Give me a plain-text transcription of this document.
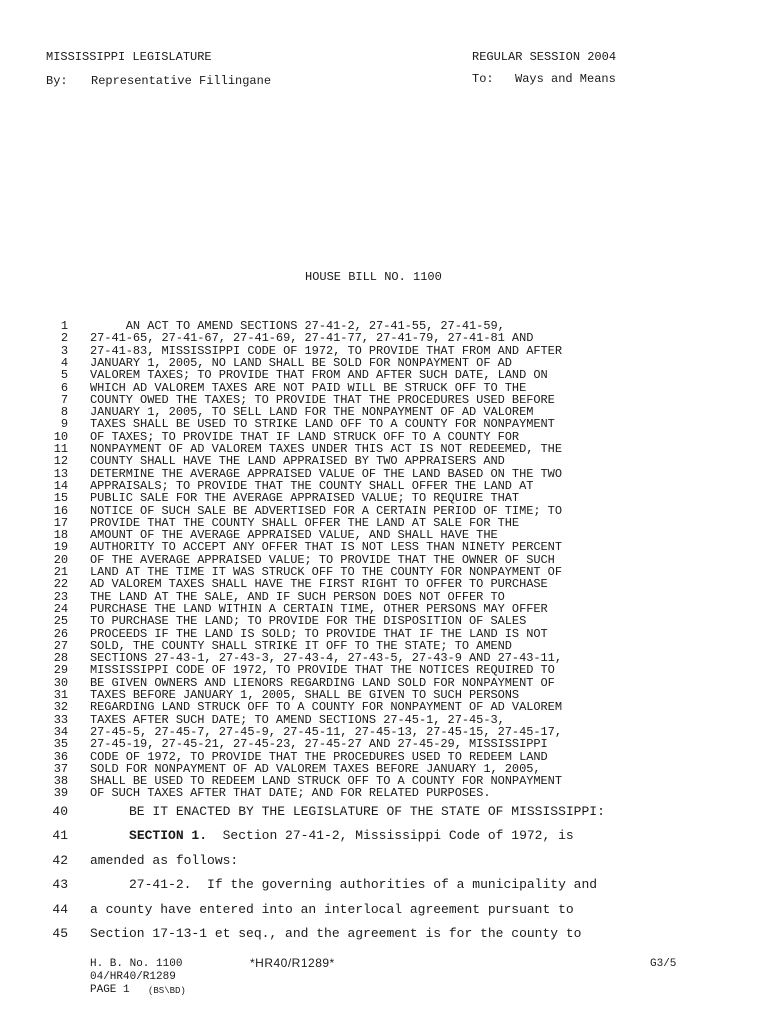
MISSISSIPPI LEGISLATURE	REGULAR SESSION 2004
By: Representative Fillingane	To: Ways and Means
HOUSE BILL NO. 1100
1 AN ACT TO AMEND SECTIONS 27-41-2, 27-41-55, 27-41-59,
2 27-41-65, 27-41-67, 27-41-69, 27-41-77, 27-41-79, 27-41-81 AND
3 27-41-83, MISSISSIPPI CODE OF 1972, TO PROVIDE THAT FROM AND AFTER
4 JANUARY 1, 2005, NO LAND SHALL BE SOLD FOR NONPAYMENT OF AD
5 VALOREM TAXES; TO PROVIDE THAT FROM AND AFTER SUCH DATE, LAND ON
6 WHICH AD VALOREM TAXES ARE NOT PAID WILL BE STRUCK OFF TO THE
7 COUNTY OWED THE TAXES; TO PROVIDE THAT THE PROCEDURES USED BEFORE
8 JANUARY 1, 2005, TO SELL LAND FOR THE NONPAYMENT OF AD VALOREM
9 TAXES SHALL BE USED TO STRIKE LAND OFF TO A COUNTY FOR NONPAYMENT
10 OF TAXES; TO PROVIDE THAT IF LAND STRUCK OFF TO A COUNTY FOR
11 NONPAYMENT OF AD VALOREM TAXES UNDER THIS ACT IS NOT REDEEMED, THE
12 COUNTY SHALL HAVE THE LAND APPRAISED BY TWO APPRAISERS AND
13 DETERMINE THE AVERAGE APPRAISED VALUE OF THE LAND BASED ON THE TWO
14 APPRAISALS; TO PROVIDE THAT THE COUNTY SHALL OFFER THE LAND AT
15 PUBLIC SALE FOR THE AVERAGE APPRAISED VALUE; TO REQUIRE THAT
16 NOTICE OF SUCH SALE BE ADVERTISED FOR A CERTAIN PERIOD OF TIME; TO
17 PROVIDE THAT THE COUNTY SHALL OFFER THE LAND AT SALE FOR THE
18 AMOUNT OF THE AVERAGE APPRAISED VALUE, AND SHALL HAVE THE
19 AUTHORITY TO ACCEPT ANY OFFER THAT IS NOT LESS THAN NINETY PERCENT
20 OF THE AVERAGE APPRAISED VALUE; TO PROVIDE THAT THE OWNER OF SUCH
21 LAND AT THE TIME IT WAS STRUCK OFF TO THE COUNTY FOR NONPAYMENT OF
22 AD VALOREM TAXES SHALL HAVE THE FIRST RIGHT TO OFFER TO PURCHASE
23 THE LAND AT THE SALE, AND IF SUCH PERSON DOES NOT OFFER TO
24 PURCHASE THE LAND WITHIN A CERTAIN TIME, OTHER PERSONS MAY OFFER
25 TO PURCHASE THE LAND; TO PROVIDE FOR THE DISPOSITION OF SALES
26 PROCEEDS IF THE LAND IS SOLD; TO PROVIDE THAT IF THE LAND IS NOT
27 SOLD, THE COUNTY SHALL STRIKE IT OFF TO THE STATE; TO AMEND
28 SECTIONS 27-43-1, 27-43-3, 27-43-4, 27-43-5, 27-43-9 AND 27-43-11,
29 MISSISSIPPI CODE OF 1972, TO PROVIDE THAT THE NOTICES REQUIRED TO
30 BE GIVEN OWNERS AND LIENORS REGARDING LAND SOLD FOR NONPAYMENT OF
31 TAXES BEFORE JANUARY 1, 2005, SHALL BE GIVEN TO SUCH PERSONS
32 REGARDING LAND STRUCK OFF TO A COUNTY FOR NONPAYMENT OF AD VALOREM
33 TAXES AFTER SUCH DATE; TO AMEND SECTIONS 27-45-1, 27-45-3,
34 27-45-5, 27-45-7, 27-45-9, 27-45-11, 27-45-13, 27-45-15, 27-45-17,
35 27-45-19, 27-45-21, 27-45-23, 27-45-27 AND 27-45-29, MISSISSIPPI
36 CODE OF 1972, TO PROVIDE THAT THE PROCEDURES USED TO REDEEM LAND
37 SOLD FOR NONPAYMENT OF AD VALOREM TAXES BEFORE JANUARY 1, 2005,
38 SHALL BE USED TO REDEEM LAND STRUCK OFF TO A COUNTY FOR NONPAYMENT
39 OF SUCH TAXES AFTER THAT DATE; AND FOR RELATED PURPOSES.
40 BE IT ENACTED BY THE LEGISLATURE OF THE STATE OF MISSISSIPPI:
41	SECTION 1.  Section 27-41-2, Mississippi Code of 1972, is
42 amended as follows:
43 27-41-2.  If the governing authorities of a municipality and
44 a county have entered into an interlocal agreement pursuant to
45 Section 17-13-1 et seq., and the agreement is for the county to
H. B. No. 1100	*HR40/R1289*	G3/5
04/HR40/R1289
PAGE 1 (BS\BD)
